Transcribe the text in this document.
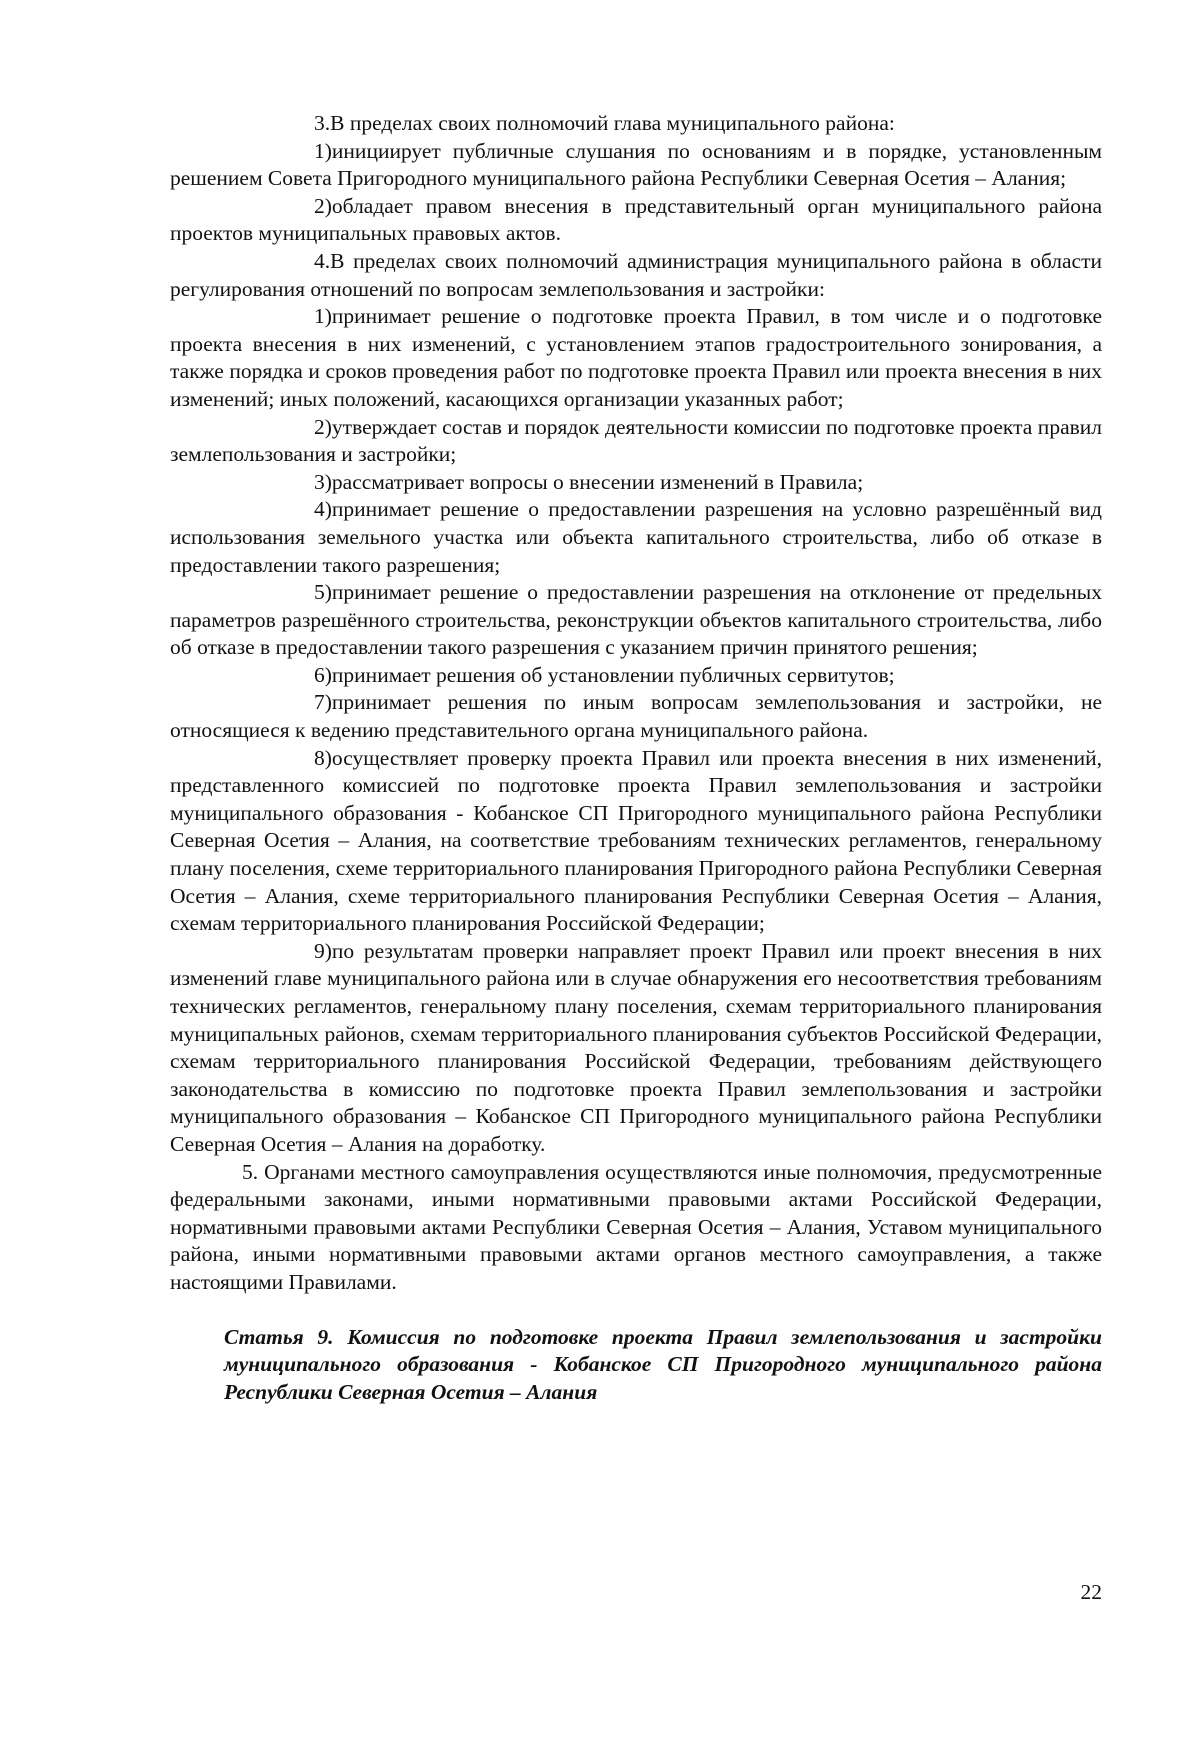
3.В пределах своих полномочий глава муниципального района:

1)инициирует публичные слушания по основаниям и в порядке, установленным решением Совета Пригородного муниципального района Республики Северная Осетия – Алания;

2)обладает правом внесения в представительный орган муниципального района проектов муниципальных правовых актов.

4.В пределах своих полномочий администрация муниципального района в области регулирования отношений по вопросам землепользования и застройки:

1)принимает решение о подготовке проекта Правил, в том числе и о подготовке проекта внесения в них изменений, с установлением этапов градостроительного зонирования, а также порядка и сроков проведения работ по подготовке проекта Правил или проекта внесения в них изменений; иных положений, касающихся организации указанных работ;

2)утверждает состав и порядок деятельности комиссии по подготовке проекта правил землепользования и застройки;

3)рассматривает вопросы о внесении изменений в Правила;

4)принимает решение о предоставлении разрешения на условно разрешённый вид использования земельного участка или объекта капитального строительства, либо об отказе в предоставлении такого разрешения;

5)принимает решение о предоставлении разрешения на отклонение от предельных параметров разрешённого строительства, реконструкции объектов капитального строительства, либо об отказе в предоставлении такого разрешения с указанием причин принятого решения;

6)принимает решения об установлении публичных сервитутов;

7)принимает решения по иным вопросам землепользования и застройки, не относящиеся к ведению представительного органа муниципального района.

8)осуществляет проверку проекта Правил или проекта внесения в них изменений, представленного комиссией по подготовке проекта Правил землепользования и застройки муниципального образования - Кобанское СП Пригородного муниципального района Республики Северная Осетия – Алания, на соответствие требованиям технических регламентов, генеральному плану поселения, схеме территориального планирования Пригородного района Республики Северная Осетия – Алания, схеме территориального планирования Республики Северная Осетия – Алания, схемам территориального планирования Российской Федерации;

9)по результатам проверки направляет проект Правил или проект внесения в них изменений главе муниципального района или в случае обнаружения его несоответствия требованиям технических регламентов, генеральному плану поселения, схемам территориального планирования муниципальных районов, схемам территориального планирования субъектов Российской Федерации, схемам территориального планирования Российской Федерации, требованиям действующего законодательства в комиссию по подготовке проекта Правил землепользования и застройки муниципального образования – Кобанское СП Пригородного муниципального района Республики Северная Осетия – Алания на доработку.

5. Органами местного самоуправления осуществляются иные полномочия, предусмотренные федеральными законами, иными нормативными правовыми актами Российской Федерации, нормативными правовыми актами Республики Северная Осетия – Алания, Уставом муниципального района, иными нормативными правовыми актами органов местного самоуправления, а также настоящими Правилами.

Статья 9. Комиссия по подготовке проекта Правил землепользования и застройки муниципального образования - Кобанское СП Пригородного муниципального района Республики Северная Осетия – Алания

22
